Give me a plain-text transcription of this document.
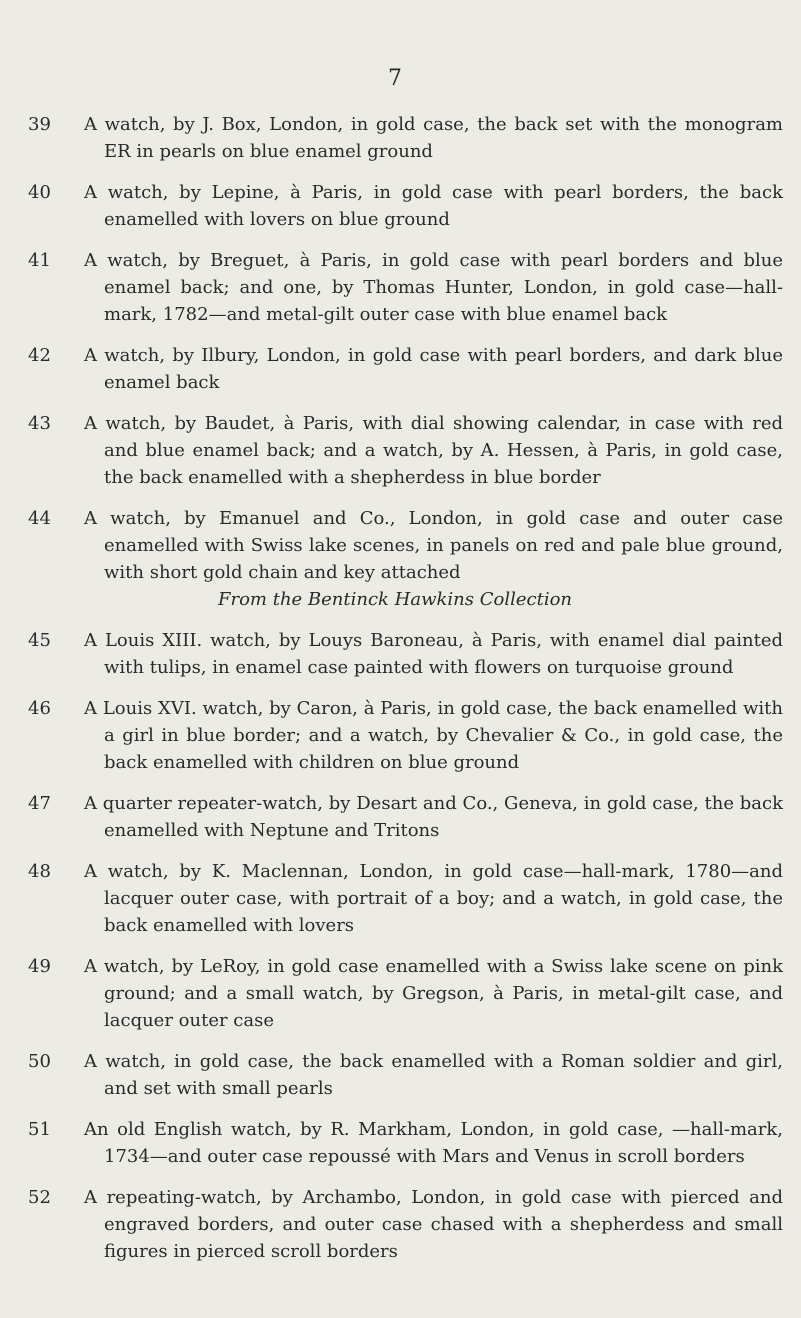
7
39	A watch, by J. Box, London, in gold case, the back set with the monogram ER in pearls on blue enamel ground
40	A watch, by Lepine, à Paris, in gold case with pearl borders, the back enamelled with lovers on blue ground
41	A watch, by Breguet, à Paris, in gold case with pearl borders and blue enamel back; and one, by Thomas Hunter, London, in gold case—hall-mark, 1782—and metal-gilt outer case with blue enamel back
42	A watch, by Ilbury, London, in gold case with pearl borders, and dark blue enamel back
43	A watch, by Baudet, à Paris, with dial showing calendar, in case with red and blue enamel back; and a watch, by A. Hessen, à Paris, in gold case, the back enamelled with a shepherdess in blue border
44	A watch, by Emanuel and Co., London, in gold case and outer case enamelled with Swiss lake scenes, in panels on red and pale blue ground, with short gold chain and key attached
From the Bentinck Hawkins Collection
45	A Louis XIII. watch, by Louys Baroneau, à Paris, with enamel dial painted with tulips, in enamel case painted with flowers on turquoise ground
46	A Louis XVI. watch, by Caron, à Paris, in gold case, the back enamelled with a girl in blue border; and a watch, by Chevalier & Co., in gold case, the back enamelled with children on blue ground
47	A quarter repeater-watch, by Desart and Co., Geneva, in gold case, the back enamelled with Neptune and Tritons
48	A watch, by K. Maclennan, London, in gold case—hall-mark, 1780—and lacquer outer case, with portrait of a boy; and a watch, in gold case, the back enamelled with lovers
49	A watch, by LeRoy, in gold case enamelled with a Swiss lake scene on pink ground; and a small watch, by Gregson, à Paris, in metal-gilt case, and lacquer outer case
50	A watch, in gold case, the back enamelled with a Roman soldier and girl, and set with small pearls
51	An old English watch, by R. Markham, London, in gold case, —hall-mark, 1734—and outer case repoussé with Mars and Venus in scroll borders
52	A repeating-watch, by Archambo, London, in gold case with pierced and engraved borders, and outer case chased with a shepherdess and small figures in pierced scroll borders
